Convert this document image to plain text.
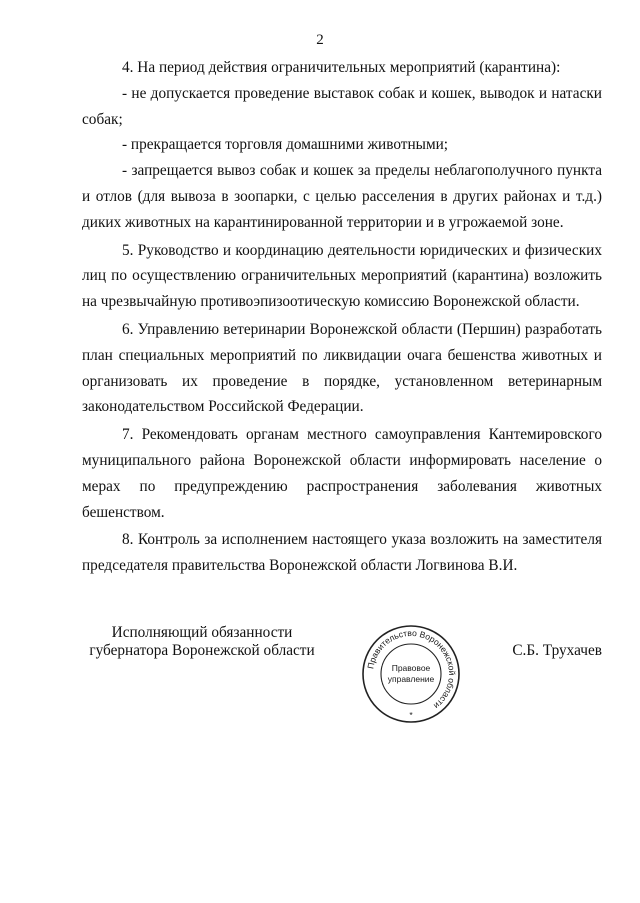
2
4. На период действия ограничительных мероприятий (карантина):
- не допускается проведение выставок собак и кошек, выводок и натаски
собак;
- прекращается торговля домашними животными;
- запрещается вывоз собак и кошек за пределы неблагополучного пункта
и отлов (для вывоза в зоопарки, с целью расселения в других районах и т.д.)
диких животных на карантинированной территории и в угрожаемой зоне.
5. Руководство и координацию деятельности юридических и физических
лиц по осуществлению ограничительных мероприятий (карантина) возложить
на чрезвычайную противоэпизоотическую комиссию Воронежской области.
6. Управлению ветеринарии Воронежской области (Першин) разработать
план специальных мероприятий по ликвидации очага бешенства животных и
организовать их проведение в порядке, установленном ветеринарным
законодательством Российской Федерации.
7. Рекомендовать органам местного самоуправления Кантемировского
муниципального района Воронежской области информировать население о
мерах по предупреждению распространения заболевания животных
бешенством.
8. Контроль за исполнением настоящего указа возложить на заместителя
председателя правительства Воронежской области Логвинова В.И.
Исполняющий обязанности
губернатора Воронежской области
Правительство Воронежской области
Правовое
управление
*
С.Б. Трухачев
